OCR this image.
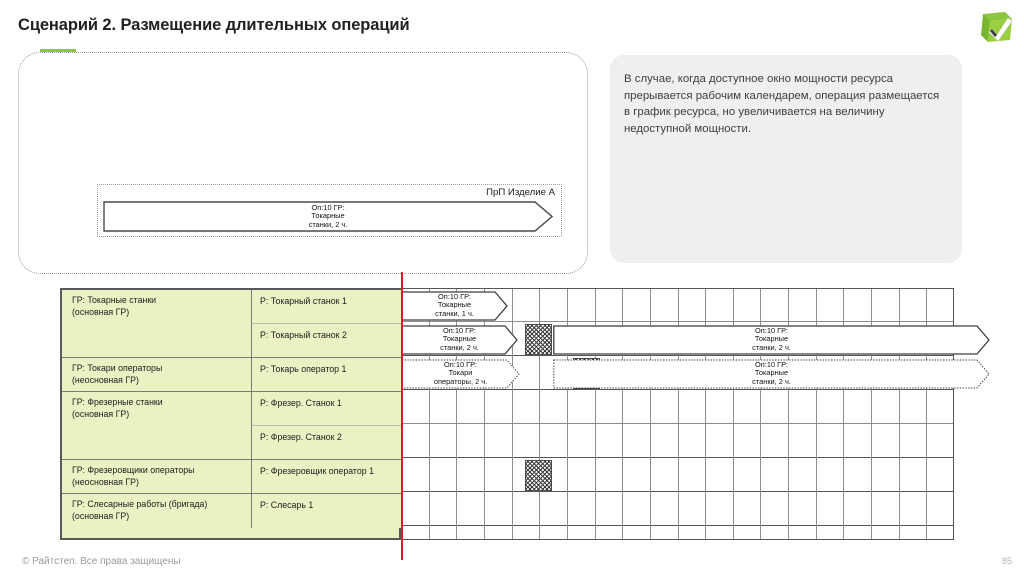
Сценарий 2. Размещение длительных операций
ПрП Изделие А
Оп:10 ГР:
Токарные
станки, 2 ч.

В случае, когда доступное окно мощности ресурса прерывается рабочим календарем, операция размещается в график ресурса, но увеличивается на величину недоступной мощности.

ГР: Токарные станки
(основная ГР)
ГР: Токари операторы
(неосновная ГР)
ГР: Фрезерные станки
(основная ГР)
ГР: Фрезеровщики операторы
(неосновная ГР)
ГР: Слесарные работы (бригада)
(основная ГР)
P: Токарный станок 1
P: Токарный станок 2
P: Токарь оператор 1
P: Фрезер. Станок 1
P: Фрезер. Станок 2
P: Фрезеровщик оператор 1
P: Слесарь 1
Оп:10 ГР:
Токарные
станки, 1 ч.
Оп:10 ГР:
Токарные
станки, 2 ч.
Оп:10 ГР:
Токарные
станки, 2 ч.
Оп:10 ГР:
Токари
операторы, 2 ч.
Оп:10 ГР:
Токарные
станки, 2 ч.
© Райтстеп. Все права защищены	85
